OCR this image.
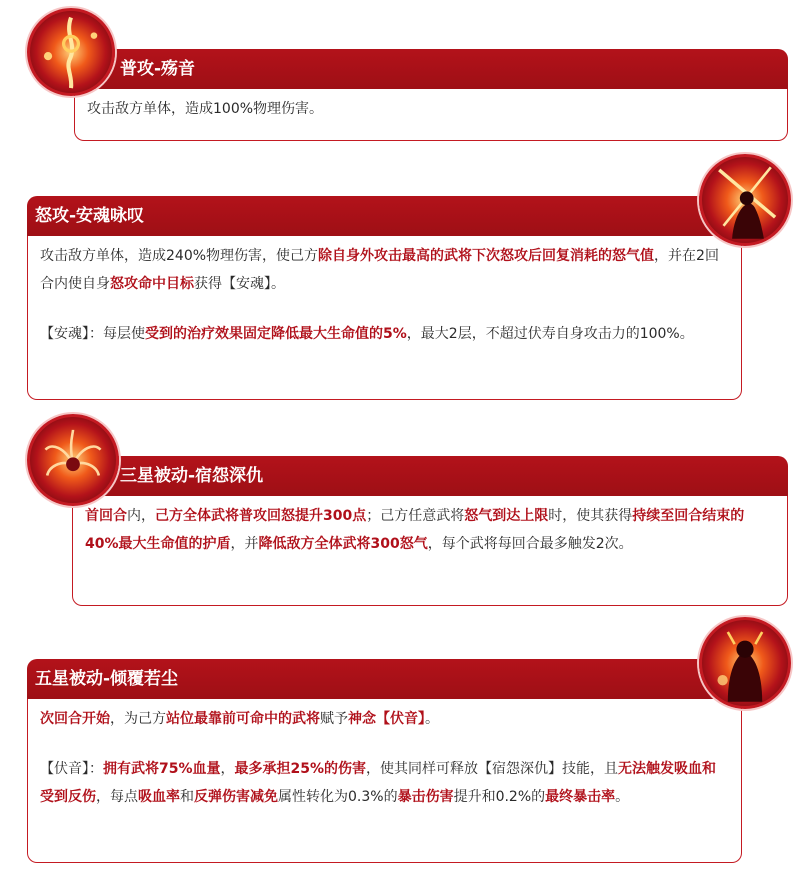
普攻-殇音

攻击敌方单体，造成100%物理伤害。

怒攻-安魂咏叹

攻击敌方单体，造成240%物理伤害，使己方除自身外攻击最高的武将下次怒攻后回复消耗的怒气值，并在2回合内使自身怒攻命中目标获得【安魂】。

【安魂】：每层使受到的治疗效果固定降低最大生命值的5%，最大2层，不超过伏寿自身攻击力的100%。

三星被动-宿怨深仇

首回合内，己方全体武将普攻回怒提升300点；己方任意武将怒气到达上限时，使其获得持续至回合结束的40%最大生命值的护盾，并降低敌方全体武将300怒气，每个武将每回合最多触发2次。

五星被动-倾覆若尘

次回合开始，为己方站位最靠前可命中的武将赋予神念【伏音】。

【伏音】：拥有武将75%血量，最多承担25%的伤害，使其同样可释放【宿怨深仇】技能，且无法触发吸血和受到反伤，每点吸血率和反弹伤害减免属性转化为0.3%的暴击伤害提升和0.2%的最终暴击率。
